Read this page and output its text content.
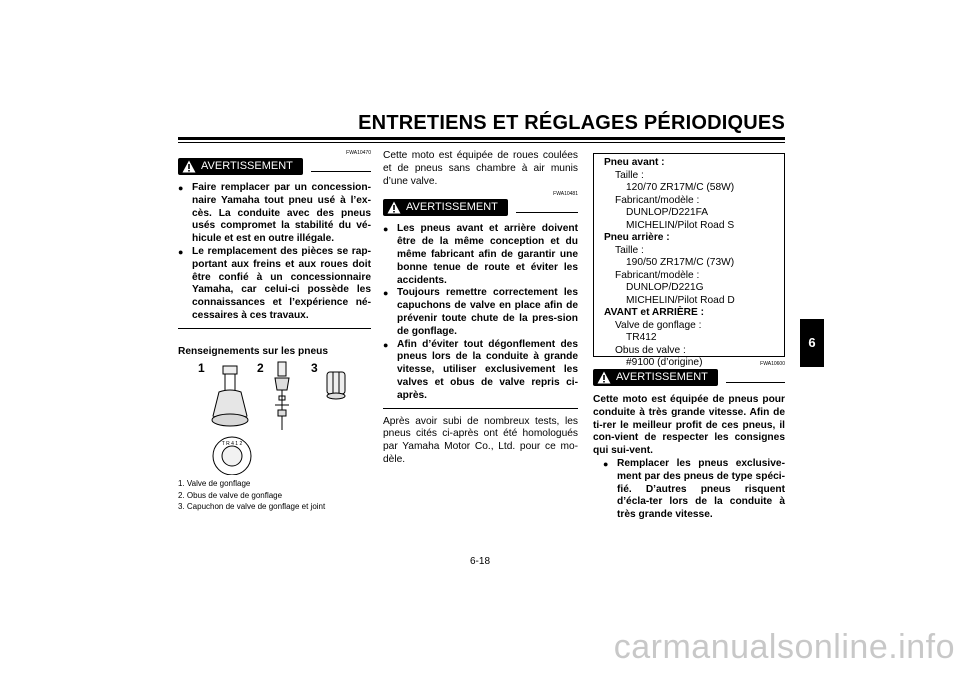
ENTRETIENS ET RÉGLAGES PÉRIODIQUES
6
FWA10470
AVERTISSEMENT
● Faire remplacer par un concession-naire Yamaha tout pneu usé à l’ex-cès. La conduite avec des pneus usés compromet la stabilité du vé-hicule et est en outre illégale.
● Le remplacement des pièces se rap-portant aux freins et aux roues doit être confié à un concessionnaire Yamaha, car celui-ci possède les connaissances et l’expérience né-cessaires à ces travaux.
Renseignements sur les pneus
1	2	3
T R 4 1 2
1. Valve de gonflage
2. Obus de valve de gonflage
3. Capuchon de valve de gonflage et joint
Cette moto est équipée de roues coulées et de pneus sans chambre à air munis d’une valve.
FWA10481
AVERTISSEMENT
● Les pneus avant et arrière doivent être de la même conception et du même fabricant afin de garantir une bonne tenue de route et éviter les accidents.
● Toujours remettre correctement les capuchons de valve en place afin de prévenir toute chute de la pres-sion de gonflage.
● Afin d’éviter tout dégonflement des pneus lors de la conduite à grande vitesse, utiliser exclusivement les valves et obus de valve repris ci-après.
Après avoir subi de nombreux tests, les pneus cités ci-après ont été homologués par Yamaha Motor Co., Ltd. pour ce mo-dèle.
Pneu avant :
Taille :
120/70 ZR17M/C (58W)
Fabricant/modèle :
DUNLOP/D221FA
MICHELIN/Pilot Road S
Pneu arrière :
Taille :
190/50 ZR17M/C (73W)
Fabricant/modèle :
DUNLOP/D221G
MICHELIN/Pilot Road D
AVANT et ARRIÈRE :
Valve de gonflage :
TR412
Obus de valve :
#9100 (d’origine)	FWA10600
AVERTISSEMENT
Cette moto est équipée de pneus pour conduite à très grande vitesse. Afin de ti-rer le meilleur profit de ces pneus, il con-vient de respecter les consignes qui sui-vent.
● Remplacer les pneus exclusive-ment par des pneus de type spéci-fié. D’autres pneus risquent d’écla-ter lors de la conduite à très grande vitesse.
6-18
carmanualsonline.info
